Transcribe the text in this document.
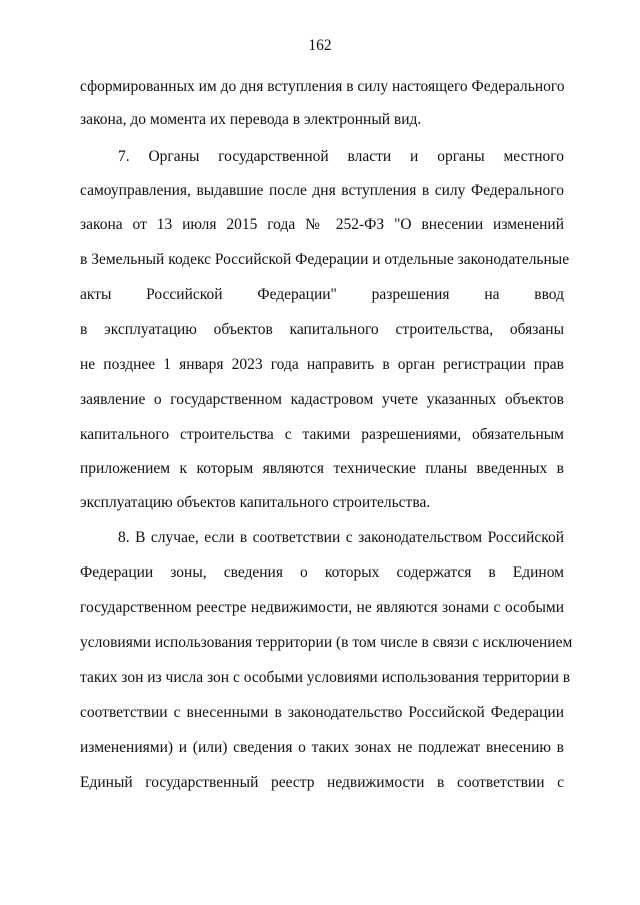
162
сформированных им до дня вступления в силу настоящего Федерального
закона, до момента их перевода в электронный вид.
7. Органы государственной власти и органы местного
самоуправления, выдавшие после дня вступления в силу Федерального
закона от 13 июля 2015 года № 252-ФЗ "О внесении изменений
в Земельный кодекс Российской Федерации и отдельные законодательные
акты Российской Федерации" разрешения на ввод
в эксплуатацию объектов капитального строительства, обязаны
не позднее 1 января 2023 года направить в орган регистрации прав
заявление о государственном кадастровом учете указанных объектов
капитального строительства с такими разрешениями, обязательным
приложением к которым являются технические планы введенных в
эксплуатацию объектов капитального строительства.
8. В случае, если в соответствии с законодательством Российской
Федерации зоны, сведения о которых содержатся в Едином
государственном реестре недвижимости, не являются зонами с особыми
условиями использования территории (в том числе в связи с исключением
таких зон из числа зон с особыми условиями использования территории в
соответствии с внесенными в законодательство Российской Федерации
изменениями) и (или) сведения о таких зонах не подлежат внесению в
Единый государственный реестр недвижимости в соответствии с
